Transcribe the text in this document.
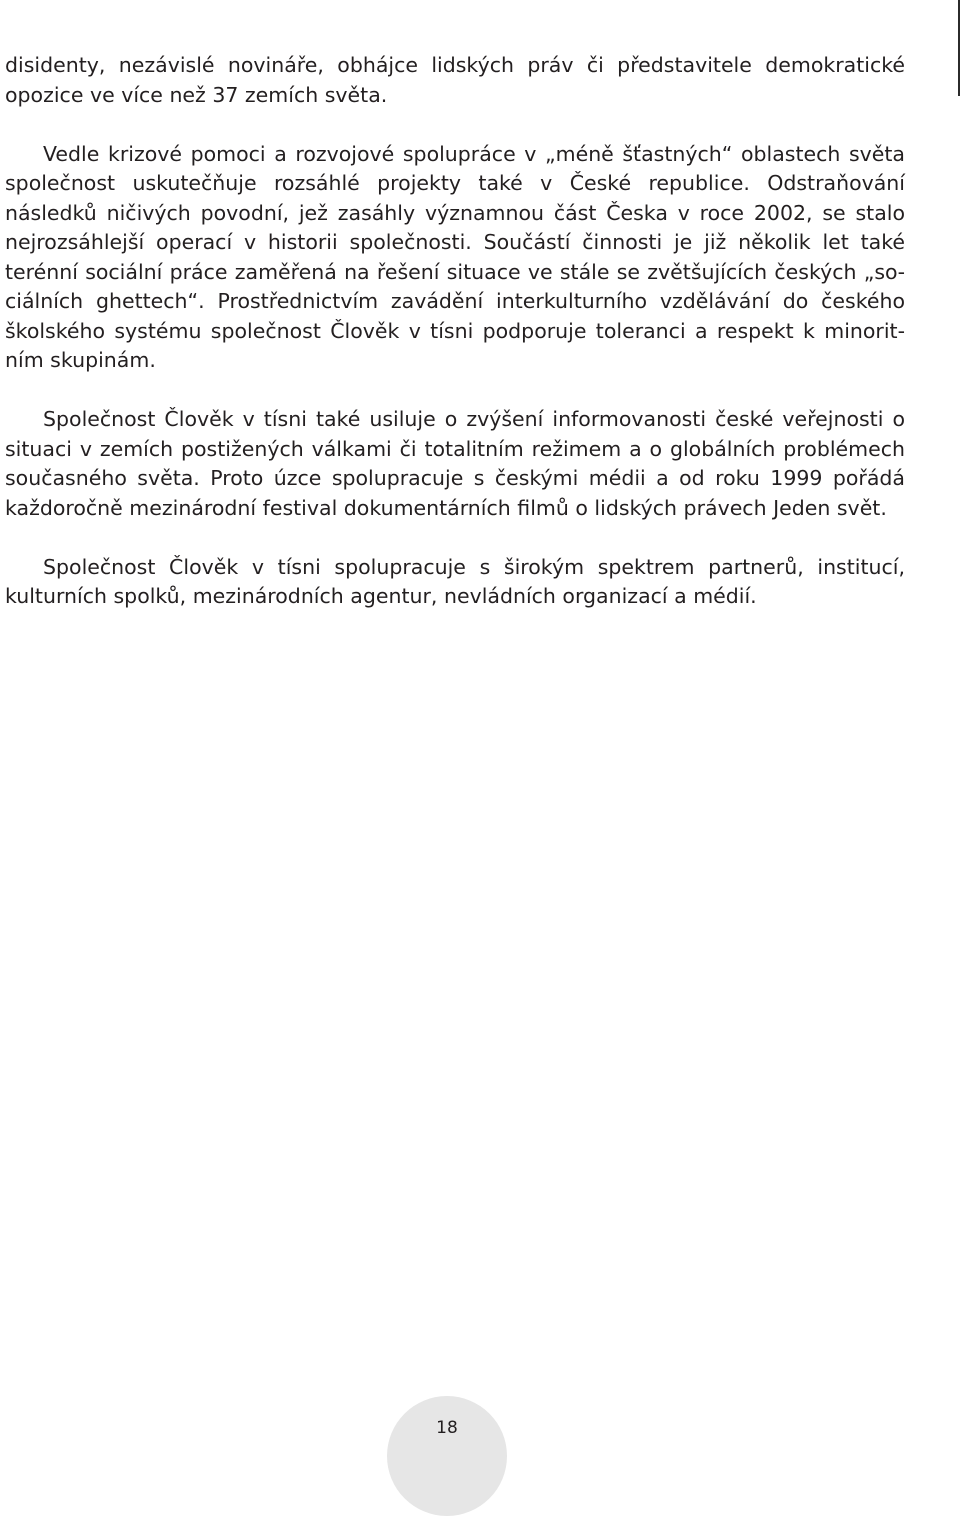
disidenty, nezávislé novináře, obhájce lidských práv či představitele demokratické opozice ve více než 37 zemích světa.

Vedle krizové pomoci a rozvojové spolupráce v „méně šťastných“ oblastech světa společnost uskutečňuje rozsáhlé projekty také v České republice. Odstraňování následků ničivých povodní, jež zasáhly významnou část Česka v roce 2002, se stalo nejrozsáhlejší operací v historii společnosti. Součástí činnosti je již několik let také terénní sociální práce zaměřená na řešení situace ve stále se zvětšujících českých „sociálních ghettech“. Prostřednictvím zavádění interkulturního vzdělávání do českého školského systému společnost Člověk v tísni podporuje toleranci a respekt k minoritním skupinám.

Společnost Člověk v tísni také usiluje o zvýšení informovanosti české veřejnosti o situaci v zemích postižených válkami či totalitním režimem a o globálních problémech současného světa. Proto úzce spolupracuje s českými médii a od roku 1999 pořádá každoročně mezinárodní festival dokumentárních filmů o lidských právech Jeden svět.

Společnost Člověk v tísni spolupracuje s širokým spektrem partnerů, institucí, kulturních spolků, mezinárodních agentur, nevládních organizací a médií.

18
